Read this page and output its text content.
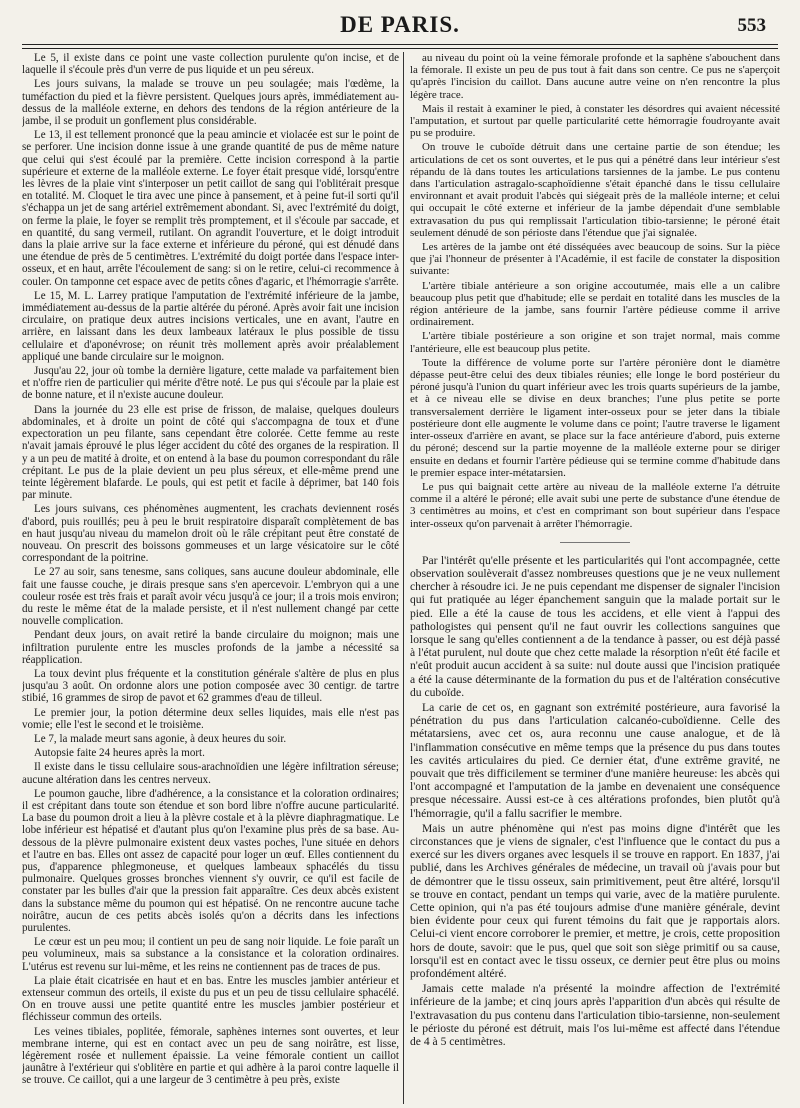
DE PARIS.	553

Le 5, il existe dans ce point une vaste collection purulente qu'on incise, et de laquelle il s'écoule près d'un verre de pus liquide et un peu séreux.

Les jours suivans, la malade se trouve un peu soulagée; mais l'œdème, la tuméfaction du pied et la fièvre persistent. Quelques jours après, immédiatement au-dessus de la malléole externe, en dehors des tendons de la région antérieure de la jambe, il se produit un gonflement plus considérable.

Le 13, il est tellement prononcé que la peau amincie et violacée est sur le point de se perforer. Une incision donne issue à une grande quantité de pus de même nature que celui qui s'est écoulé par la première. Cette incision correspond à la partie supérieure et externe de la malléole externe. Le foyer était presque vidé, lorsqu'entre les lèvres de la plaie vint s'interposer un petit caillot de sang qui l'oblitérait presque en totalité. M. Cloquet le tira avec une pince à pansement, et à peine fut-il sorti qu'il s'échappa un jet de sang artériel extrêmement abondant. Si, avec l'extrémité du doigt, on ferme la plaie, le foyer se remplit très promptement, et il s'écoule par saccade, et en quantité, du sang vermeil, rutilant. On agrandit l'ouverture, et le doigt introduit dans la plaie arrive sur la face externe et inférieure du péroné, qui est dénudé dans une étendue de près de 5 centimètres. L'extrémité du doigt portée dans l'espace inter-osseux, et en haut, arrête l'écoulement de sang: si on le retire, celui-ci recommence à couler. On tamponne cet espace avec de petits cônes d'agaric, et l'hémorragie s'arrête.

Le 15, M. L. Larrey pratique l'amputation de l'extrémité inférieure de la jambe, immédiatement au-dessus de la partie altérée du péroné. Après avoir fait une incision circulaire, on pratique deux autres incisions verticales, une en avant, l'autre en arrière, en laissant dans les deux lambeaux latéraux le plus possible de tissu cellulaire et d'aponévrose; on réunit très mollement après avoir préalablement appliqué une bande circulaire sur le moignon.

Jusqu'au 22, jour où tombe la dernière ligature, cette malade va parfaitement bien et n'offre rien de particulier qui mérite d'être noté. Le pus qui s'écoule par la plaie est de bonne nature, et il n'existe aucune douleur.

Dans la journée du 23 elle est prise de frisson, de malaise, quelques douleurs abdominales, et à droite un point de côté qui s'accompagna de toux et d'une expectoration un peu filante, sans cependant être colorée. Cette femme au reste n'avait jamais éprouvé le plus léger accident du côté des organes de la respiration. Il y a un peu de matité à droite, et on entend à la base du poumon correspondant du râle crépitant. Le pus de la plaie devient un peu plus séreux, et elle-même prend une teinte légèrement blafarde. Le pouls, qui est petit et facile à déprimer, bat 140 fois par minute.

Les jours suivans, ces phénomènes augmentent, les crachats deviennent rosés d'abord, puis rouillés; peu à peu le bruit respiratoire disparaît complètement de bas en haut jusqu'au niveau du mamelon droit où le râle crépitant peut être constaté de nouveau. On prescrit des boissons gommeuses et un large vésicatoire sur le côté correspondant de la poitrine.

Le 27 au soir, sans tenesme, sans coliques, sans aucune douleur abdominale, elle fait une fausse couche, je dirais presque sans s'en apercevoir. L'embryon qui a une couleur rosée est très frais et paraît avoir vécu jusqu'à ce jour; il a trois mois environ; du reste le même état de la malade persiste, et il n'est nullement changé par cette nouvelle complication.

Pendant deux jours, on avait retiré la bande circulaire du moignon; mais une infiltration purulente entre les muscles profonds de la jambe a nécessité sa réapplication.

La toux devint plus fréquente et la constitution générale s'altère de plus en plus jusqu'au 3 août. On ordonne alors une potion composée avec 30 centigr. de tartre stibié, 16 grammes de sirop de pavot et 62 grammes d'eau de tilleul.

Le premier jour, la potion détermine deux selles liquides, mais elle n'est pas vomie; elle l'est le second et le troisième.

Le 7, la malade meurt sans agonie, à deux heures du soir.

Autopsie faite 24 heures après la mort.

Il existe dans le tissu cellulaire sous-arachnoïdien une légère infiltration séreuse; aucune altération dans les centres nerveux.

Le poumon gauche, libre d'adhérence, a la consistance et la coloration ordinaires; il est crépitant dans toute son étendue et son bord libre n'offre aucune particularité. La base du poumon droit a lieu à la plèvre costale et à la plèvre diaphragmatique. Le lobe inférieur est hépatisé et d'autant plus qu'on l'examine plus près de sa base. Au-dessous de la plèvre pulmonaire existent deux vastes poches, l'une située en dehors et l'autre en bas. Elles ont assez de capacité pour loger un œuf. Elles contiennent du pus, d'apparence phlegmoneuse, et quelques lambeaux sphacélés du tissu pulmonaire. Quelques grosses bronches viennent s'y ouvrir, ce qu'il est facile de constater par les bulles d'air que la pression fait apparaître. Ces deux abcès existent dans la substance même du poumon qui est hépatisé. On ne rencontre aucune tache noirâtre, aucun de ces petits abcès isolés qu'on a décrits dans les infections purulentes.

Le cœur est un peu mou; il contient un peu de sang noir liquide. Le foie paraît un peu volumineux, mais sa substance a la consistance et la coloration ordinaires. L'utérus est revenu sur lui-même, et les reins ne contiennent pas de traces de pus.

La plaie était cicatrisée en haut et en bas. Entre les muscles jambier antérieur et extenseur commun des orteils, il existe du pus et un peu de tissu cellulaire sphacélé. On en trouve aussi une petite quantité entre les muscles jambier postérieur et fléchisseur commun des orteils.

Les veines tibiales, poplitée, fémorale, saphènes internes sont ouvertes, et leur membrane interne, qui est en contact avec un peu de sang noirâtre, est lisse, légèrement rosée et nullement épaissie. La veine fémorale contient un caillot jaunâtre à l'extérieur qui s'oblitère en partie et qui adhère à la paroi contre laquelle il se trouve. Ce caillot, qui a une largeur de 3 centimètre à peu près, existe

au niveau du point où la veine fémorale profonde et la saphène s'abouchent dans la fémorale. Il existe un peu de pus tout à fait dans son centre. Ce pus ne s'aperçoit qu'après l'incision du caillot. Dans aucune autre veine on n'en rencontre la plus légère trace.

Mais il restait à examiner le pied, à constater les désordres qui avaient nécessité l'amputation, et surtout par quelle particularité cette hémorragie foudroyante avait pu se produire.

On trouve le cuboïde détruit dans une certaine partie de son étendue; les articulations de cet os sont ouvertes, et le pus qui a pénétré dans leur intérieur s'est répandu de là dans toutes les articulations tarsiennes de la jambe. Le pus contenu dans l'articulation astragalo-scaphoïdienne s'était épanché dans le tissu cellulaire environnant et avait produit l'abcès qui siégeait près de la malléole interne; et celui qui occupait le côté externe et inférieur de la jambe dépendait d'une semblable extravasation du pus qui remplissait l'articulation tibio-tarsienne; le péroné était seulement dénudé de son périoste dans l'étendue que j'ai signalée.

Les artères de la jambe ont été disséquées avec beaucoup de soins. Sur la pièce que j'ai l'honneur de présenter à l'Académie, il est facile de constater la disposition suivante:

L'artère tibiale antérieure a son origine accoutumée, mais elle a un calibre beaucoup plus petit que d'habitude; elle se perdait en totalité dans les muscles de la région antérieure de la jambe, sans fournir l'artère pédieuse comme il arrive ordinairement.

L'artère tibiale postérieure a son origine et son trajet normal, mais comme l'antérieure, elle est beaucoup plus petite.

Toute la différence de volume porte sur l'artère péronière dont le diamètre dépasse peut-être celui des deux tibiales réunies; elle longe le bord postérieur du péroné jusqu'à l'union du quart inférieur avec les trois quarts supérieurs de la jambe, et à ce niveau elle se divise en deux branches; l'une plus petite se porte transversalement derrière le ligament inter-osseux pour se jeter dans la tibiale postérieure dont elle augmente le volume dans ce point; l'autre traverse le ligament inter-osseux d'arrière en avant, se place sur la face antérieure d'abord, puis externe du péroné; descend sur la partie moyenne de la malléole externe pour se diriger ensuite en dedans et fournir l'artère pédieuse qui se termine comme d'habitude dans le premier espace inter-métatarsien.

Le pus qui baignait cette artère au niveau de la malléole externe l'a détruite comme il a altéré le péroné; elle avait subi une perte de substance d'une étendue de 3 centimètres au moins, et c'est en comprimant son bout supérieur dans l'espace inter-osseux qu'on parvenait à arrêter l'hémorragie.

Par l'intérêt qu'elle présente et les particularités qui l'ont accompagnée, cette observation soulèverait d'assez nombreuses questions que je ne veux nullement chercher à résoudre ici. Je ne puis cependant me dispenser de signaler l'incision qui fut pratiquée au léger épanchement sanguin que la malade portait sur le pied. Elle a été la cause de tous les accidens, et elle vient à l'appui des pathologistes qui pensent qu'il ne faut ouvrir les collections sanguines que lorsque le sang qu'elles contiennent a de la tendance à passer, ou est déjà passé à l'état purulent, nul doute que chez cette malade la résorption n'eût été facile et n'eût produit aucun accident à sa suite: nul doute aussi que l'incision pratiquée a été la cause déterminante de la formation du pus et de l'altération consécutive du cuboïde.

La carie de cet os, en gagnant son extrémité postérieure, aura favorisé la pénétration du pus dans l'articulation calcanéo-cuboïdienne. Celle des métatarsiens, avec cet os, aura reconnu une cause analogue, et de là l'inflammation consécutive en même temps que la présence du pus dans toutes les cavités articulaires du pied. Ce dernier état, d'une extrême gravité, ne pouvait que très difficilement se terminer d'une manière heureuse: les abcès qui l'ont accompagné et l'amputation de la jambe en devenaient une conséquence presque nécessaire. Aussi est-ce à ces altérations profondes, bien plutôt qu'à l'hémorragie, qu'il a fallu sacrifier le membre.

Mais un autre phénomène qui n'est pas moins digne d'intérêt que les circonstances que je viens de signaler, c'est l'influence que le contact du pus a exercé sur les divers organes avec lesquels il se trouve en rapport. En 1837, j'ai publié, dans les Archives générales de médecine, un travail où j'avais pour but de démontrer que le tissu osseux, sain primitivement, peut être altéré, lorsqu'il se trouve en contact, pendant un temps qui varie, avec de la matière purulente. Cette opinion, qui n'a pas été toujours admise d'une manière générale, devint bien évidente pour ceux qui furent témoins du fait que je rapportais alors. Celui-ci vient encore corroborer le premier, et mettre, je crois, cette proposition hors de doute, savoir: que le pus, quel que soit son siège primitif ou sa cause, lorsqu'il est en contact avec le tissu osseux, ce dernier peut être plus ou moins profondément altéré.

Jamais cette malade n'a présenté la moindre affection de l'extrémité inférieure de la jambe; et cinq jours après l'apparition d'un abcès qui résulte de l'extravasation du pus contenu dans l'articulation tibio-tarsienne, non-seulement le périoste du péroné est détruit, mais l'os lui-même est affecté dans l'étendue de 4 à 5 centimètres.
